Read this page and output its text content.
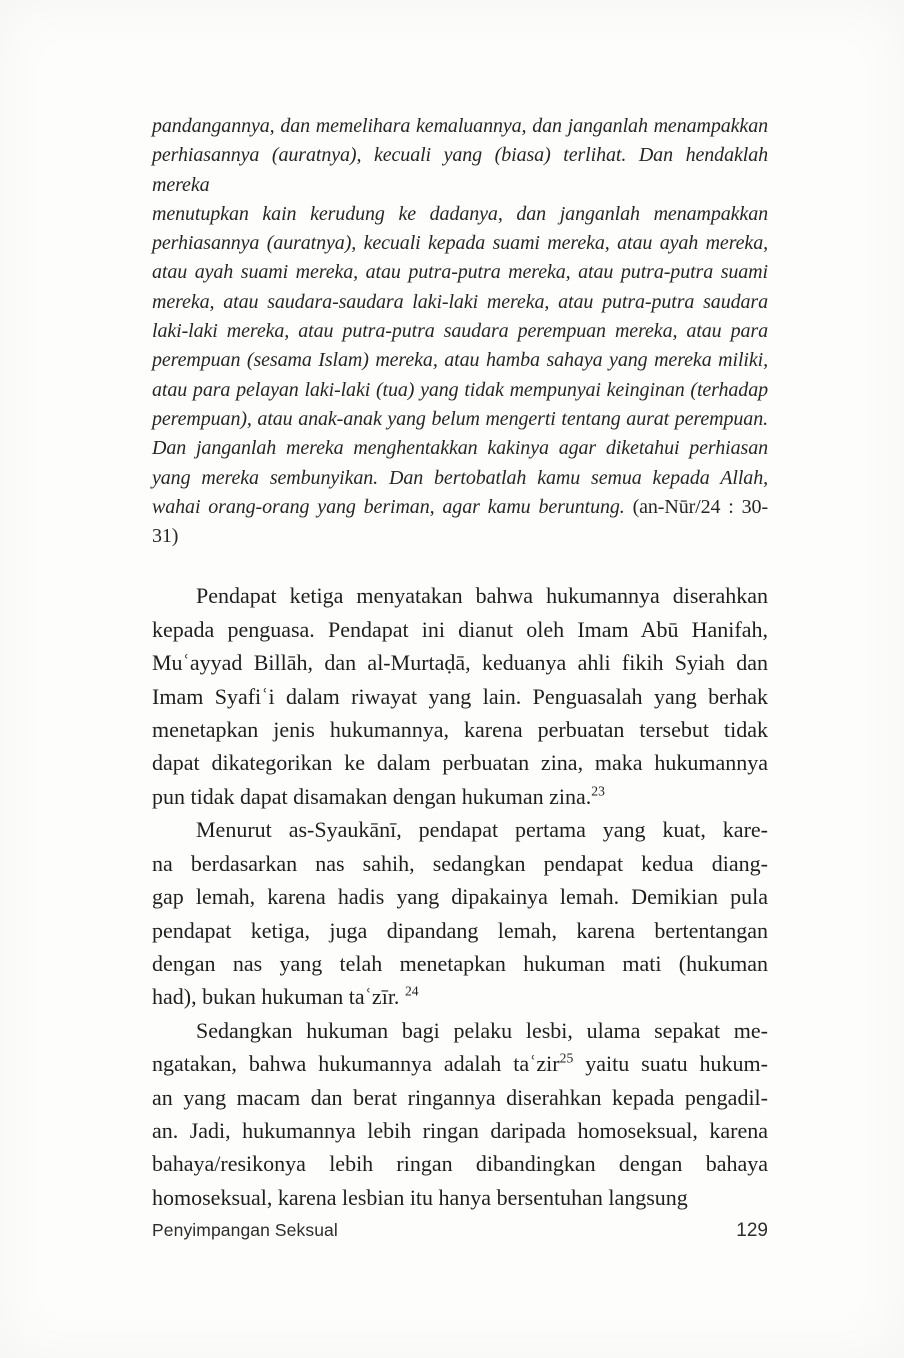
pandangannya, dan memelihara kemaluannya, dan janganlah menampakkan
perhiasannya (auratnya), kecuali yang (biasa) terlihat. Dan hendaklah mereka
menutupkan kain kerudung ke dadanya, dan janganlah menampakkan
perhiasannya (auratnya), kecuali kepada suami mereka, atau ayah mereka,
atau ayah suami mereka, atau putra-putra mereka, atau putra-putra suami
mereka, atau saudara-saudara laki-laki mereka, atau putra-putra saudara
laki-laki mereka, atau putra-putra saudara perempuan mereka, atau para
perempuan (sesama Islam) mereka, atau hamba sahaya yang mereka miliki,
atau para pelayan laki-laki (tua) yang tidak mempunyai keinginan (terhadap
perempuan), atau anak-anak yang belum mengerti tentang aurat perempuan.
Dan janganlah mereka menghentakkan kakinya agar diketahui perhiasan
yang mereka sembunyikan. Dan bertobatlah kamu semua kepada Allah,
wahai orang-orang yang beriman, agar kamu beruntung. (an-Nūr/24 : 30-
31)
Pendapat ketiga menyatakan bahwa hukumannya diserahkan
kepada penguasa. Pendapat ini dianut oleh Imam Abū Hanifah,
Muʿayyad Billāh, dan al-Murtaḍā, keduanya ahli fikih Syiah dan
Imam Syafiʿi dalam riwayat yang lain. Penguasalah yang berhak
menetapkan jenis hukumannya, karena perbuatan tersebut tidak
dapat dikategorikan ke dalam perbuatan zina, maka hukumannya
pun tidak dapat disamakan dengan hukuman zina.$^{23}$
Menurut as-Syaukānī, pendapat pertama yang kuat, kare-
na berdasarkan nas sahih, sedangkan pendapat kedua diang-
gap lemah, karena hadis yang dipakainya lemah. Demikian pula
pendapat ketiga, juga dipandang lemah, karena bertentangan
dengan nas yang telah menetapkan hukuman mati (hukuman
had), bukan hukuman taʿzīr. $^{24}$
Sedangkan hukuman bagi pelaku lesbi, ulama sepakat me-
ngatakan, bahwa hukumannya adalah taʿzir$^{25}$ yaitu suatu hukum-
an yang macam dan berat ringannya diserahkan kepada pengadil-
an. Jadi, hukumannya lebih ringan daripada homoseksual, karena
bahaya/resikonya lebih ringan dibandingkan dengan bahaya
homoseksual, karena lesbian itu hanya bersentuhan langsung
Penyimpangan Seksual	129
